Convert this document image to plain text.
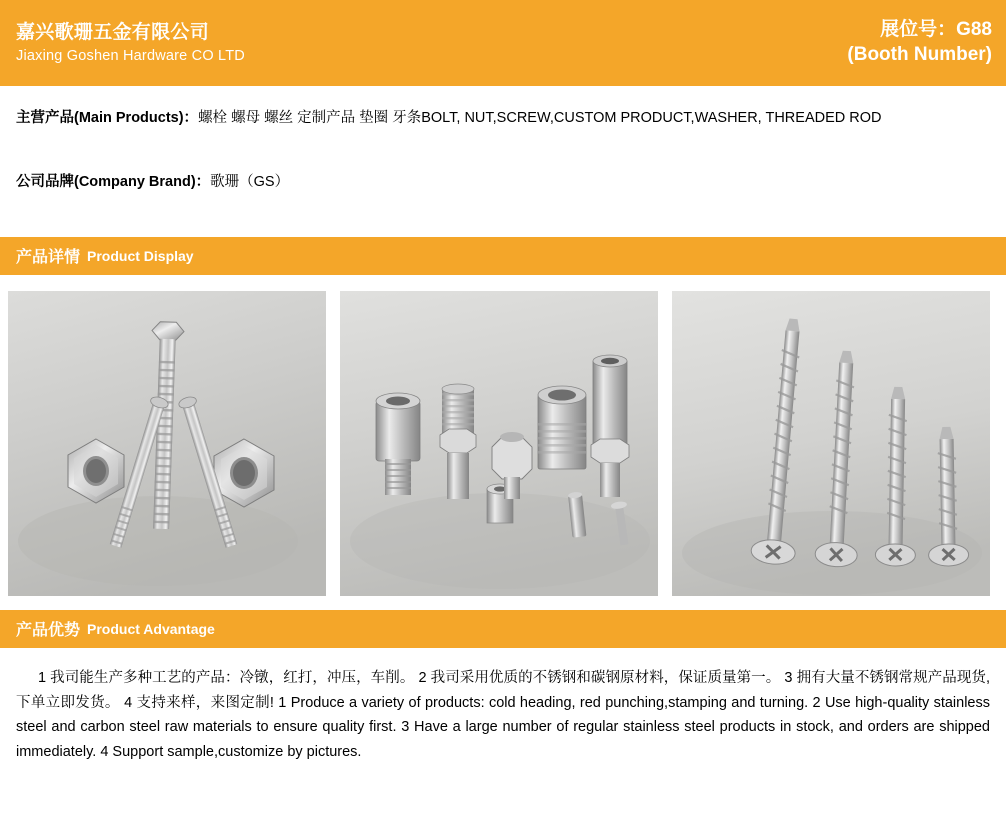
嘉兴歌珊五金有限公司
Jiaxing Goshen Hardware CO LTD
展位号：G88
(Booth Number)
主营产品(Main Products)：螺栓 螺母 螺丝 定制产品 垫圈 牙条BOLT, NUT,SCREW,CUSTOM PRODUCT,WASHER, THREADED ROD
公司品牌(Company Brand)：歌珊（GS）
产品详情 Product Display
产品优势 Product Advantage
1 我司能生产多种工艺的产品：冷镦，红打，冲压，车削。 2 我司采用优质的不锈钢和碳钢原材料，保证质量第一。 3 拥有大量不锈钢常规产品现货,下单立即发货。 4 支持来样，来图定制! 1 Produce a variety of products: cold heading, red punching,stamping and turning. 2 Use high-quality stainless steel and carbon steel raw materials to ensure quality first. 3 Have a large number of regular stainless steel products in stock, and orders are shipped immediately. 4 Support sample,customize by pictures.
